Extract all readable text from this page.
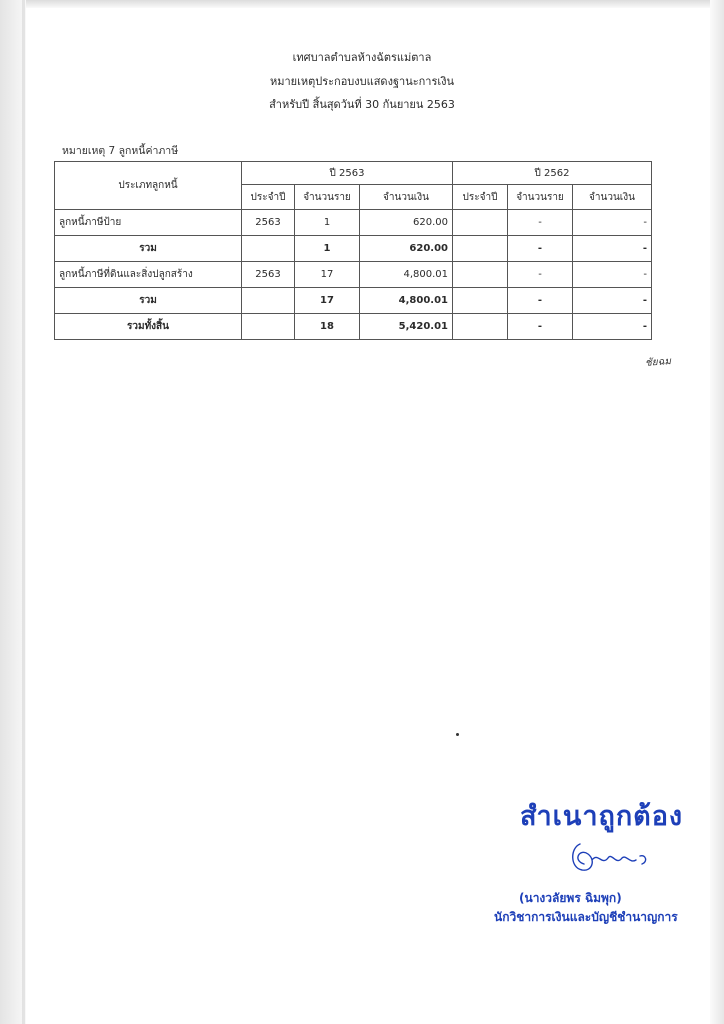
เทศบาลตำบลห้างฉัตรแม่ตาล
หมายเหตุประกอบงบแสดงฐานะการเงิน
สำหรับปี สิ้นสุดวันที่ 30 กันยายน 2563
หมายเหตุ 7 ลูกหนี้ค่าภาษี
ประเภทลูกหนี้	ปี 2563			ปี 2562		
	ประจำปี	จำนวนราย	จำนวนเงิน	ประจำปี	จำนวนราย	จำนวนเงิน
ลูกหนี้ภาษีป้าย	2563	1	620.00		-	-
รวม		1	620.00		-	-
ลูกหนี้ภาษีที่ดินและสิ่งปลูกสร้าง	2563	17	4,800.01		-	-
รวม		17	4,800.01		-	-
รวมทั้งสิ้น		18	5,420.01		-	-
ชัยฉม
สำเนาถูกต้อง
(นางวลัยพร ฉิมพุก)
นักวิชาการเงินและบัญชีชำนาญการ
